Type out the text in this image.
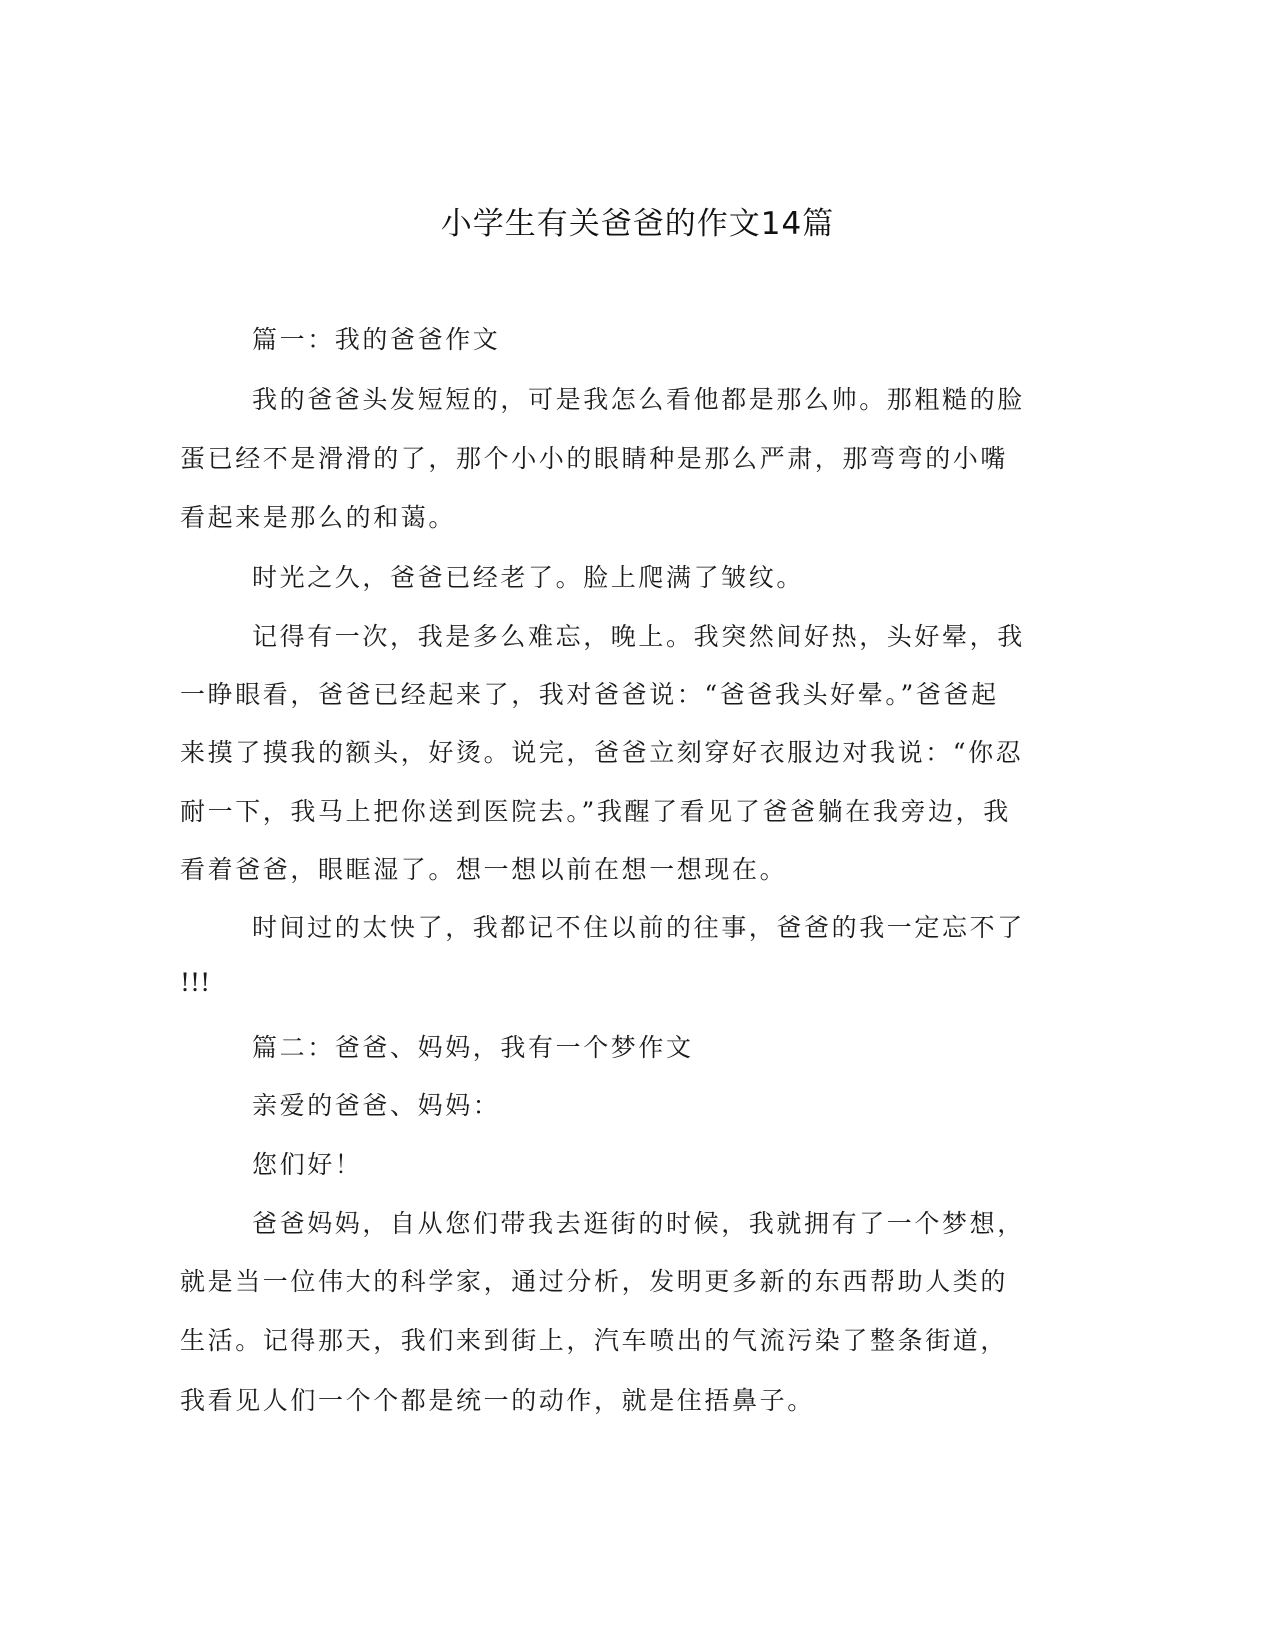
小学生有关爸爸的作文14篇
篇一：我的爸爸作文
我的爸爸头发短短的，可是我怎么看他都是那么帅。那粗糙的脸
蛋已经不是滑滑的了，那个小小的眼睛种是那么严肃，那弯弯的小嘴
看起来是那么的和蔼。
时光之久，爸爸已经老了。脸上爬满了皱纹。
记得有一次，我是多么难忘，晚上。我突然间好热，头好晕，我
一睁眼看，爸爸已经起来了，我对爸爸说：“爸爸我头好晕。”爸爸起
来摸了摸我的额头，好烫。说完，爸爸立刻穿好衣服边对我说：“你忍
耐一下，我马上把你送到医院去。”我醒了看见了爸爸躺在我旁边，我
看着爸爸，眼眶湿了。想一想以前在想一想现在。
时间过的太快了，我都记不住以前的往事，爸爸的我一定忘不了
!!!
篇二：爸爸、妈妈，我有一个梦作文
亲爱的爸爸、妈妈：
您们好！
爸爸妈妈，自从您们带我去逛街的时候，我就拥有了一个梦想，
就是当一位伟大的科学家，通过分析，发明更多新的东西帮助人类的
生活。记得那天，我们来到街上，汽车喷出的气流污染了整条街道，
我看见人们一个个都是统一的动作，就是住捂鼻子。
